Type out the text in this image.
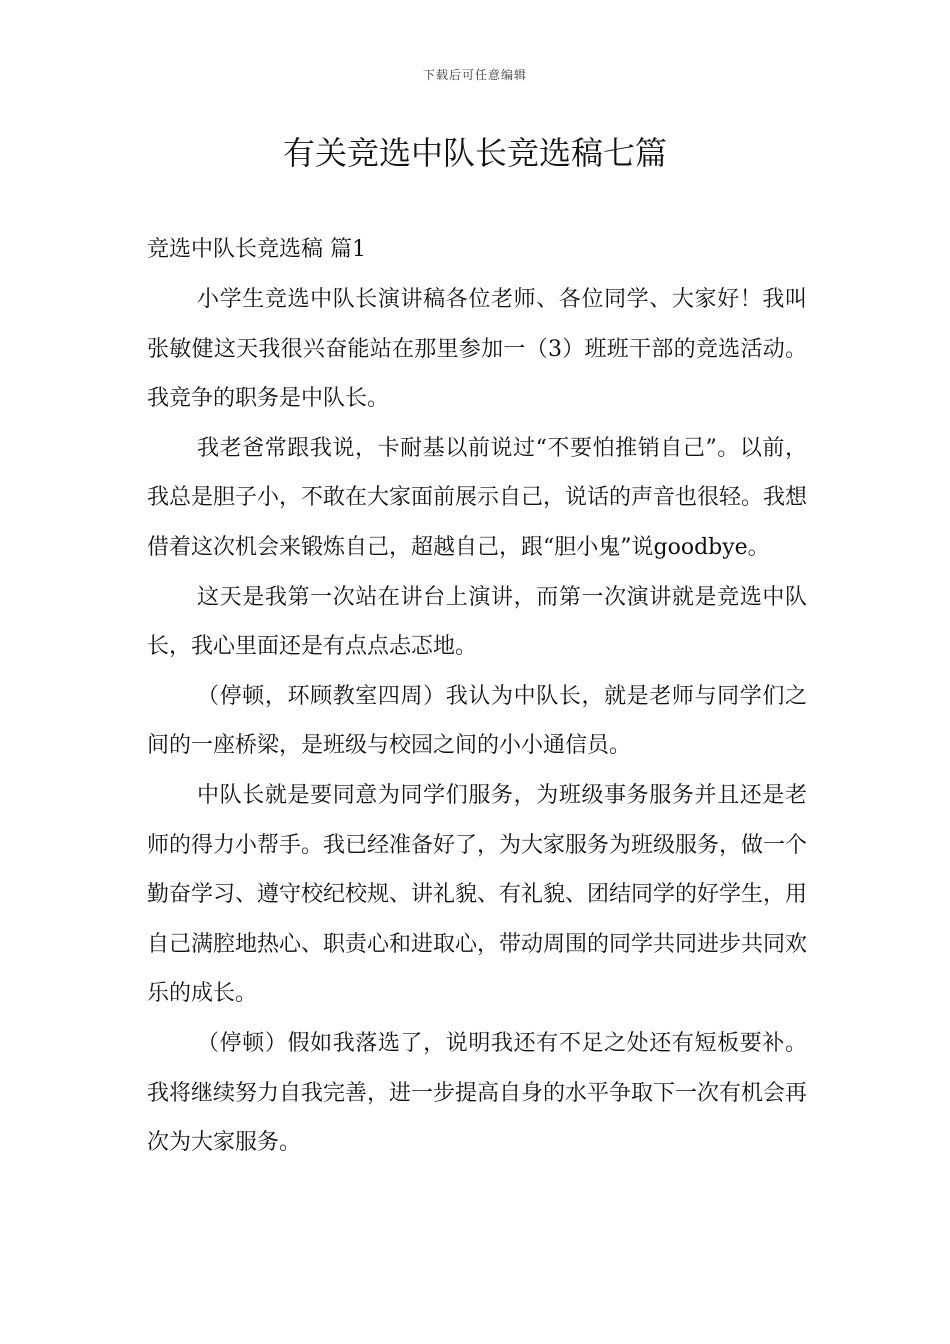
下载后可任意编辑
有关竞选中队长竞选稿七篇
竞选中队长竞选稿 篇1

小学生竞选中队长演讲稿各位老师、各位同学、大家好！我叫张敏健这天我很兴奋能站在那里参加一（3）班班干部的竞选活动。我竞争的职务是中队长。

我老爸常跟我说，卡耐基以前说过“不要怕推销自己”。以前，我总是胆子小，不敢在大家面前展示自己，说话的声音也很轻。我想借着这次机会来锻炼自己，超越自己，跟“胆小鬼”说goodbye。

这天是我第一次站在讲台上演讲，而第一次演讲就是竞选中队长，我心里面还是有点点忐忑地。

（停顿，环顾教室四周）我认为中队长，就是老师与同学们之间的一座桥梁，是班级与校园之间的小小通信员。

中队长就是要同意为同学们服务，为班级事务服务并且还是老师的得力小帮手。我已经准备好了，为大家服务为班级服务，做一个勤奋学习、遵守校纪校规、讲礼貌、有礼貌、团结同学的好学生，用自己满腔地热心、职责心和进取心，带动周围的同学共同进步共同欢乐的成长。

（停顿）假如我落选了，说明我还有不足之处还有短板要补。我将继续努力自我完善，进一步提高自身的水平争取下一次有机会再次为大家服务。
